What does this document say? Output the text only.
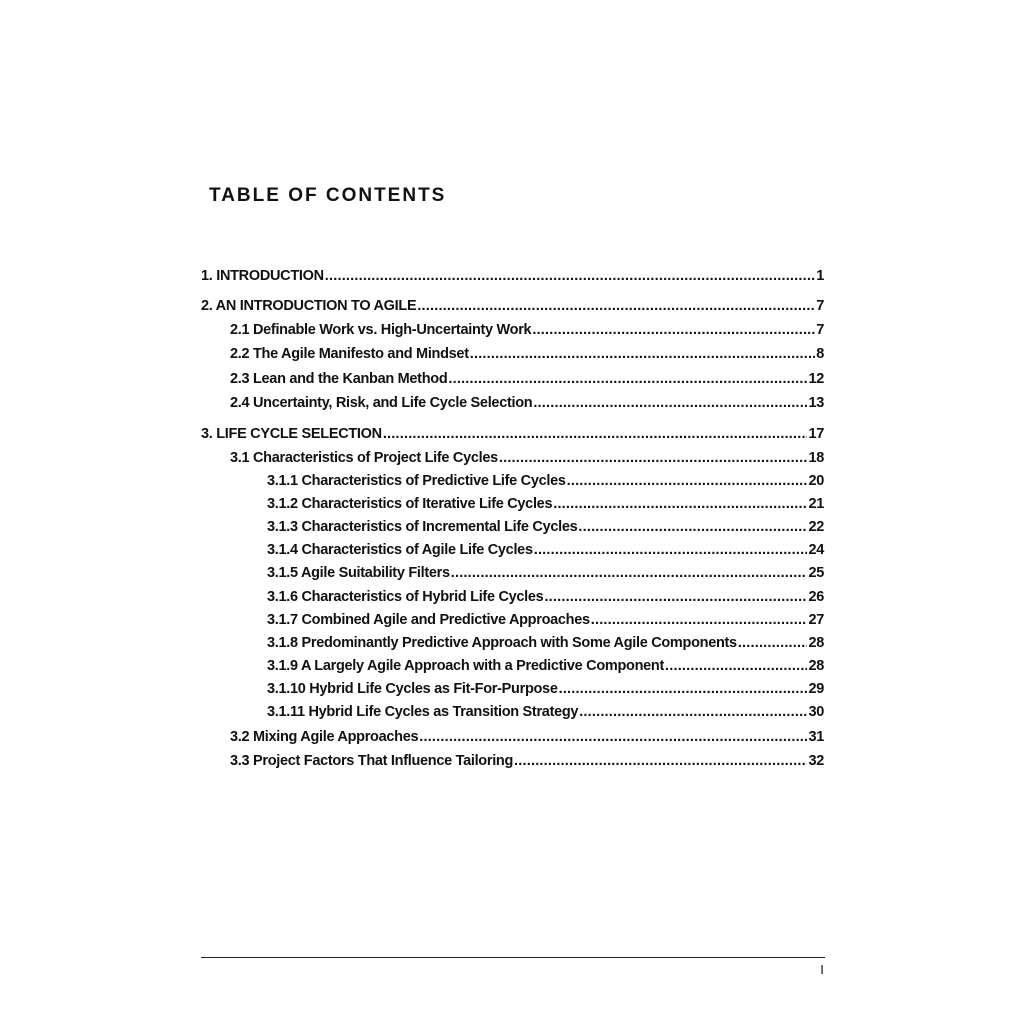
TABLE OF CONTENTS
1. INTRODUCTION .....	1
2. AN INTRODUCTION TO AGILE .....	7
2.1 Definable Work vs. High-Uncertainty Work .....	7
2.2 The Agile Manifesto and Mindset .....	8
2.3 Lean and the Kanban Method .....	12
2.4 Uncertainty, Risk, and Life Cycle Selection .....	13
3. LIFE CYCLE SELECTION .....	17
3.1 Characteristics of Project Life Cycles .....	18
3.1.1 Characteristics of Predictive Life Cycles .....	20
3.1.2 Characteristics of Iterative Life Cycles .....	21
3.1.3 Characteristics of Incremental Life Cycles .....	22
3.1.4 Characteristics of Agile Life Cycles .....	24
3.1.5 Agile Suitability Filters .....	25
3.1.6 Characteristics of Hybrid Life Cycles .....	26
3.1.7 Combined Agile and Predictive Approaches .....	27
3.1.8 Predominantly Predictive Approach with Some Agile Components .....	28
3.1.9 A Largely Agile Approach with a Predictive Component .....	28
3.1.10 Hybrid Life Cycles as Fit-For-Purpose .....	29
3.1.11 Hybrid Life Cycles as Transition Strategy .....	30
3.2 Mixing Agile Approaches .....	31
3.3 Project Factors That Influence Tailoring .....	32
I
